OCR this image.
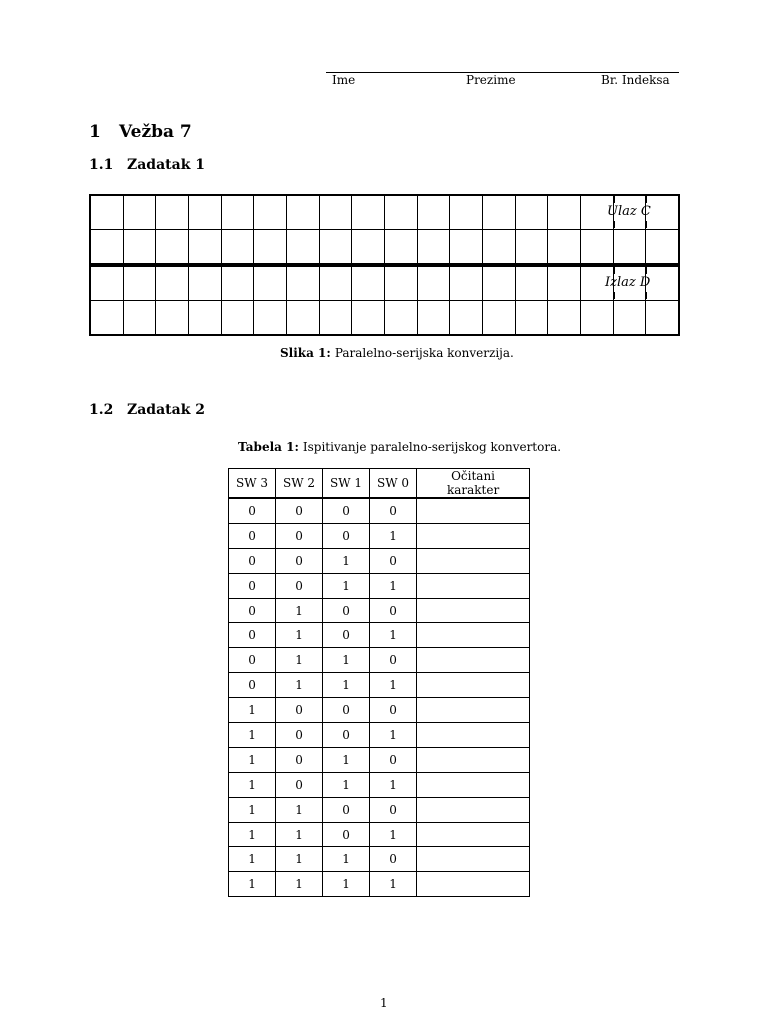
Ime	Prezime	Br. Indeksa
1 Vežba 7
1.1 Zadatak 1

Ulaz C
Izlaz D
Slika 1: Paralelno-serijska konverzija.
1.2 Zadatak 2
Tabela 1: Ispitivanje paralelno-serijskog konvertora.
SW 3	SW 2	SW 1	SW 0	Očitani karakter
0	0	0	0	
0	0	0	1	
0	0	1	0	
0	0	1	1	
0	1	0	0	
0	1	0	1	
0	1	1	0	
0	1	1	1	
1	0	0	0	
1	0	0	1	
1	0	1	0	
1	0	1	1	
1	1	0	0	
1	1	0	1	
1	1	1	0	
1	1	1	1	
1
